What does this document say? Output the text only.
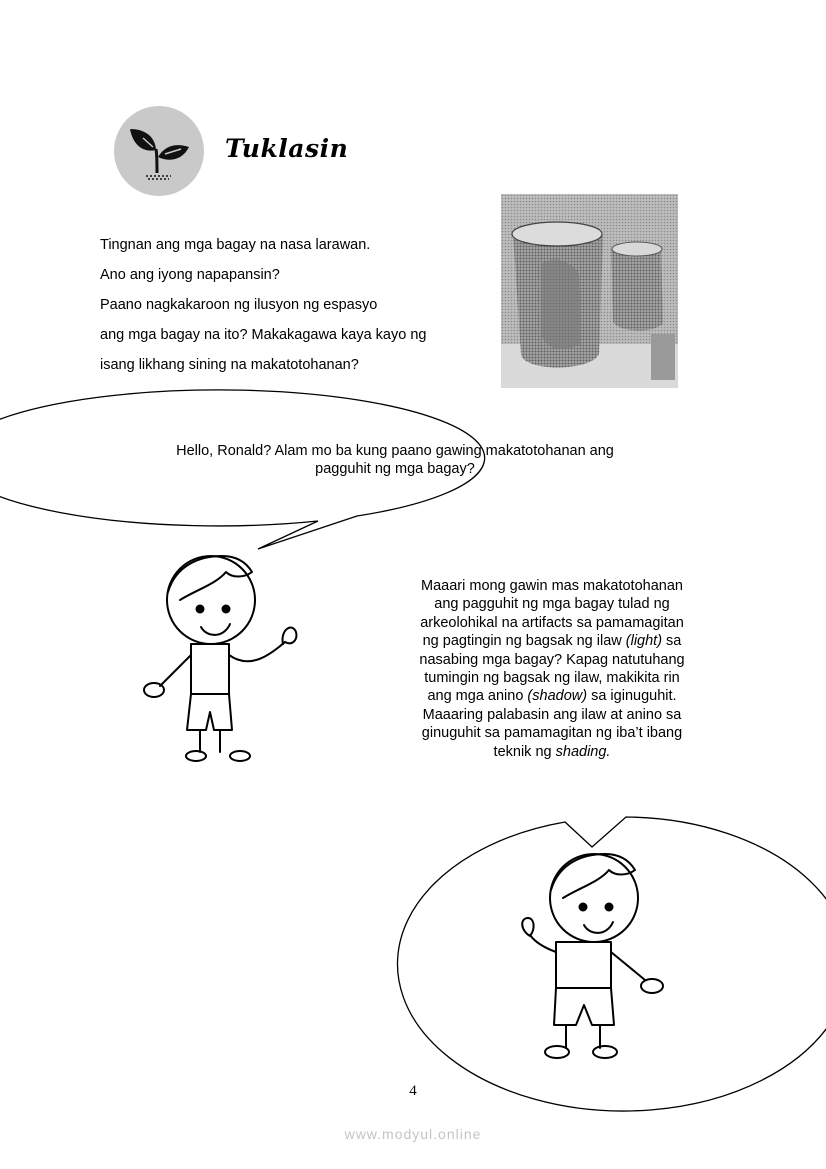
Tuklasin

Tingnan ang mga bagay na nasa larawan.

Ano ang iyong napapansin?

Paano nagkakaroon ng ilusyon ng espasyo

ang mga bagay na ito? Makakagawa kaya kayo ng

isang likhang sining na makatotohanan?

Hello, Ronald? Alam mo ba kung paano gawing makatotohanan ang
pagguhit ng mga bagay?
Maaari mong gawin mas makatotohanan
ang pagguhit ng mga bagay tulad ng
arkeolohikal na artifacts sa pamamagitan
ng pagtingin ng bagsak ng ilaw (light) sa
nasabing mga bagay? Kapag natutuhang
tumingin ng bagsak ng ilaw, makikita rin
ang mga anino (shadow) sa iginuguhit.
Maaaring palabasin ang ilaw at anino sa
ginuguhit sa pamamagitan ng iba’t ibang
teknik ng shading.
4
www.modyul.online
